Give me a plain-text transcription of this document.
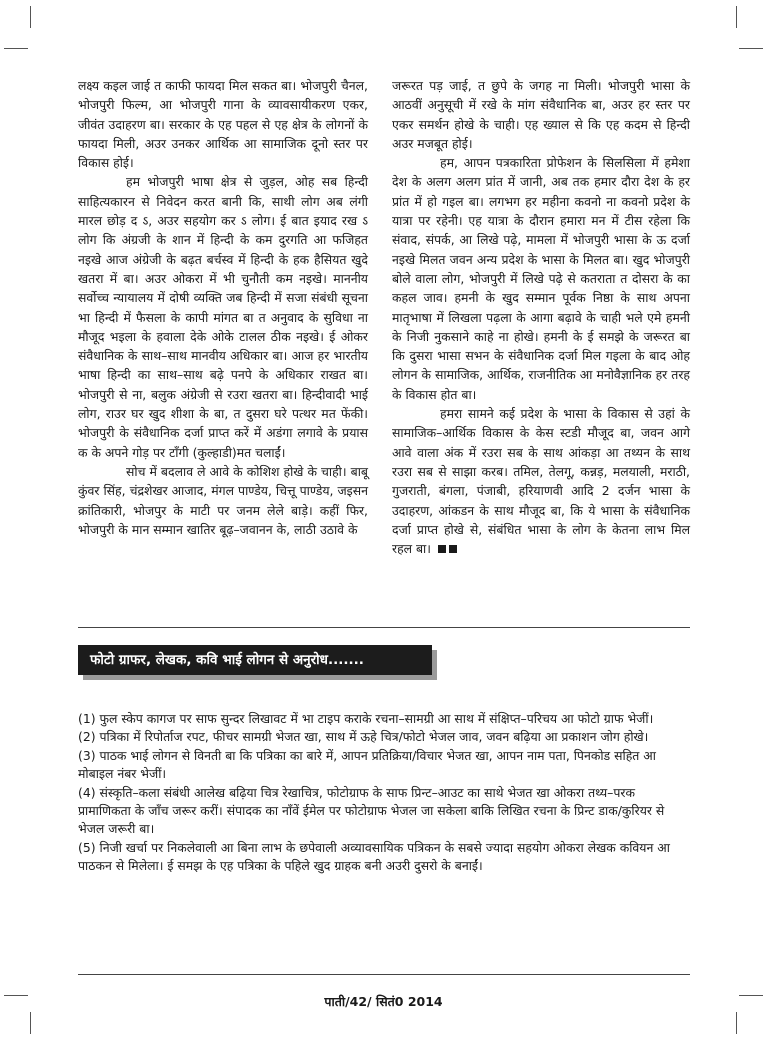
लक्ष्य कइल जाई त काफी फायदा मिल सकत बा। भोजपुरी चैनल, भोजपुरी फिल्म, आ भोजपुरी गाना के व्यावसायीकरण एकर, जीवंत उदाहरण बा। सरकार के एह पहल से एह क्षेत्र के लोगनों के फायदा मिली, अउर उनकर आर्थिक आ सामाजिक दूनो स्तर पर विकास होई।

हम भोजपुरी भाषा क्षेत्र से जुड़ल, ओह सब हिन्दी साहित्यकारन से निवेदन करत बानी कि, साथी लोग अब लंगी मारल छोड़ द ऽ, अउर सहयोग कर ऽ लोग। ई बात इयाद रख ऽ लोग कि अंग्रजी के शान में हिन्दी के कम दुरगति आ फजिहत नइखे आज अंग्रेजी के बढ़त बर्चस्व में हिन्दी के हक हैसियत खुदे खतरा में बा। अउर ओकरा में भी चुनौती कम नइखे। माननीय सर्वोच्च न्यायालय में दोषी व्यक्ति जब हिन्दी में सजा संबंधी सूचना भा हिन्दी में फैसला के कापी मांगत बा त अनुवाद के सुविधा ना मौजूद भइला के हवाला देके ओके टालल ठीक नइखे। ई ओकर संवैधानिक के साथ–साथ मानवीय अधिकार बा। आज हर भारतीय भाषा हिन्दी का साथ–साथ बढ़े पनपे के अधिकार राखत बा। भोजपुरी से ना, बलुक अंग्रेजी से रउरा खतरा बा। हिन्दीवादी भाई लोग, राउर घर खुद शीशा के बा, त दुसरा घरे पत्थर मत फेंकी। भोजपुरी के संवैधानिक दर्जा प्राप्त करें में अडंगा लगावे के प्रयास क के अपने गोड़ पर टाँगी (कुल्हाडी)मत चलाईं।

सोच में बदलाव ले आवे के कोशिश होखे के चाही। बाबू कुंवर सिंह, चंद्रशेखर आजाद, मंगल पाण्डेय, चित्तू पाण्डेय, जइसन क्रांतिकारी, भोजपुर के माटी पर जनम लेले बाड़े। कहीं फिर, भोजपुरी के मान सम्मान खातिर बूढ़–जवानन के, लाठी उठावे के

जरूरत पड़ जाई, त छुपे के जगह ना मिली। भोजपुरी भासा के आठवीं अनुसूची में रखे के मांग संवैधानिक बा, अउर हर स्तर पर एकर समर्थन होखे के चाही। एह ख्याल से कि एह कदम से हिन्दी अउर मजबूत होई।

हम, आपन पत्रकारिता प्रोफेशन के सिलसिला में हमेशा देश के अलग अलग प्रांत में जानी, अब तक हमार दौरा देश के हर प्रांत में हो गइल बा। लगभग हर महीना कवनो ना कवनो प्रदेश के यात्रा पर रहेनी। एह यात्रा के दौरान हमारा मन में टीस रहेला कि संवाद, संपर्क, आ लिखे पढ़े, मामला में भोजपुरी भासा के ऊ दर्जा नइखे मिलत जवन अन्य प्रदेश के भासा के मिलत बा। खुद भोजपुरी बोले वाला लोग, भोजपुरी में लिखे पढ़े से कतराता त दोसरा के का कहल जाव। हमनी के खुद सम्मान पूर्वक निष्ठा के साथ अपना मातृभाषा में लिखला पढ़ला के आगा बढ़ावे के चाही भले एमे हमनी के निजी नुकसाने काहे ना होखे। हमनी के ई समझे के जरूरत बा कि दुसरा भासा सभन के संवैधानिक दर्जा मिल गइला के बाद ओह लोगन के सामाजिक, आर्थिक, राजनीतिक आ मनोवैज्ञानिक हर तरह के विकास होत बा।

हमरा सामने कई प्रदेश के भासा के विकास से उहां के सामाजिक–आर्थिक विकास के केस स्टडी मौजूद बा, जवन आगे आवे वाला अंक में रउरा सब के साथ आंकड़ा आ तथ्यन के साथ रउरा सब से साझा करब। तमिल, तेलगू, कन्नड़, मलयाली, मराठी, गुजराती, बंगला, पंजाबी, हरियाणवी आदि 2 दर्जन भासा के उदाहरण, आंकडन के साथ मौजूद बा, कि ये भासा के संवैधानिक दर्जा प्राप्त होखे से, संबंधित भासा के लोग के केतना लाभ मिल रहल बा।

फोटो ग्राफर, लेखक, कवि भाई लोगन से अनुरोध.......

(1) फुल स्केप कागज पर साफ सुन्दर लिखावट में भा टाइप कराके रचना–सामग्री आ साथ में संक्षिप्त–परिचय आ फोटो ग्राफ भेजीं।

(2) पत्रिका में रिपोर्ताज रपट, फीचर सामग्री भेजत खा, साथ में ऊहे चित्र/फोटो भेजल जाव, जवन बढ़िया आ प्रकाशन जोग होखे।

(3) पाठक भाई लोगन से विनती बा कि पत्रिका का बारे में, आपन प्रतिक्रिया/विचार भेजत खा, आपन नाम पता, पिनकोड सहित आ मोबाइल नंबर भेजीं।

(4) संस्कृति–कला संबंधी आलेख बढ़िया चित्र रेखाचित्र, फोटोग्राफ के साफ प्रिन्ट–आउट का साथे भेजत खा ओकरा तथ्य–परक प्रामाणिकता के जाँच जरूर करीं। संपादक का नाँवें ईमेल पर फोटोग्राफ भेजल जा सकेला बाकि लिखित रचना के प्रिन्ट डाक/कुरियर से भेजल जरूरी बा।

(5) निजी खर्चा पर निकलेवाली आ बिना लाभ के छपेवाली अव्यावसायिक पत्रिकन के सबसे ज्यादा सहयोग ओकरा लेखक कवियन आ पाठकन से मिलेला। ई समझ के एह पत्रिका के पहिले खुद ग्राहक बनी अउरी दुसरो के बनाईं।

पाती/42/ सितं0 2014
